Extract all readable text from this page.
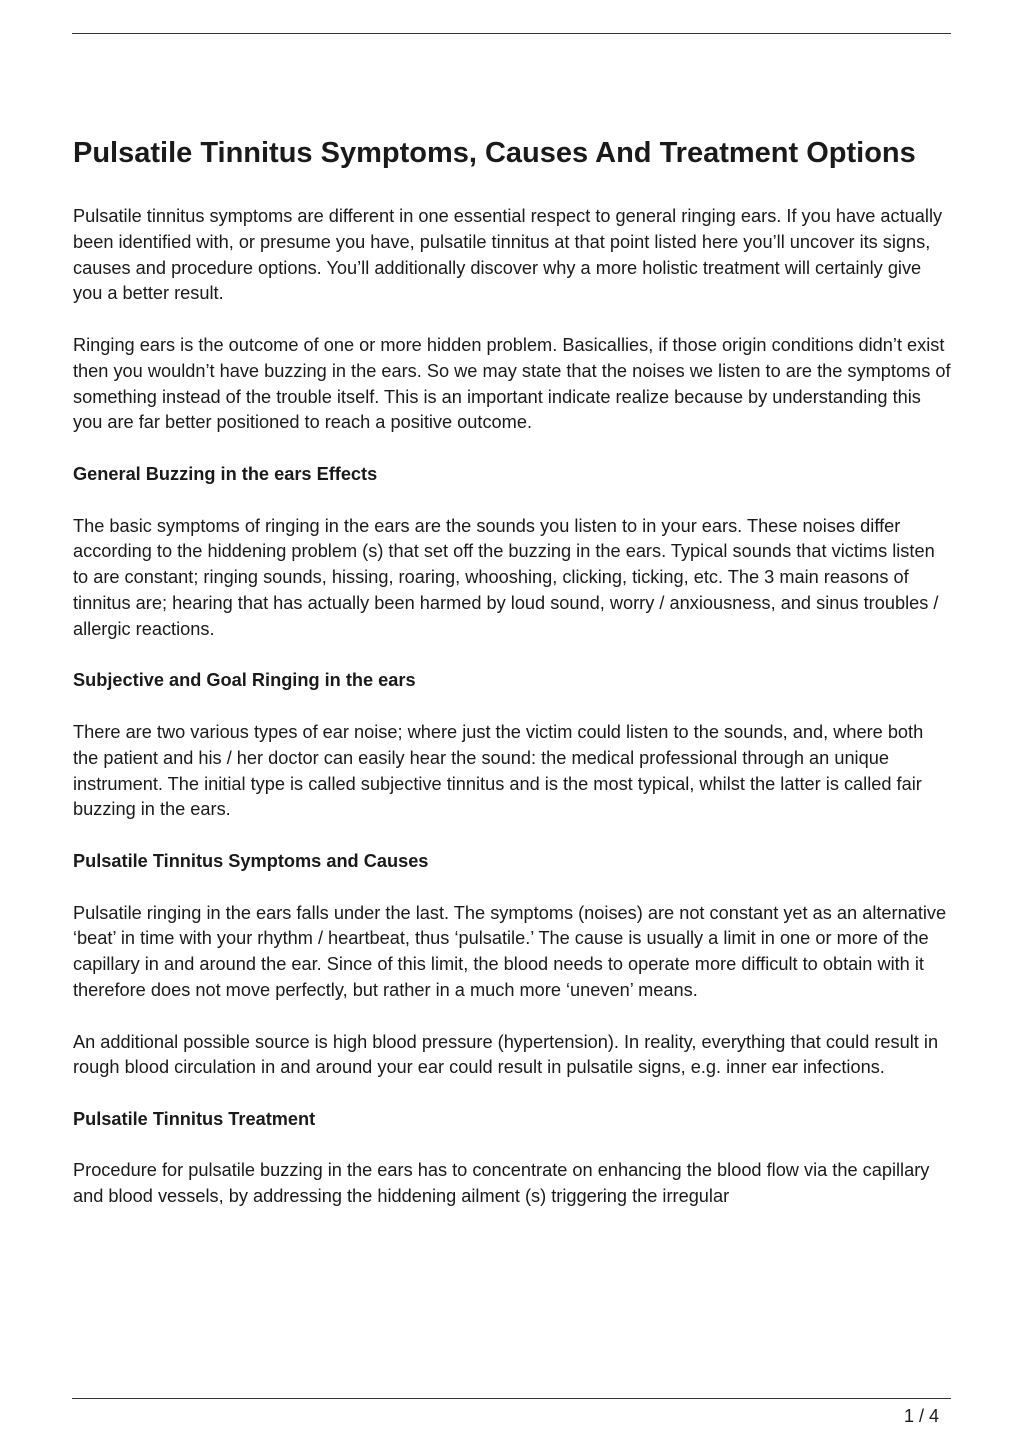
Pulsatile Tinnitus Symptoms, Causes And Treatment Options

Pulsatile tinnitus symptoms are different in one essential respect to general ringing ears. If you have actually been identified with, or presume you have, pulsatile tinnitus at that point listed here you’ll uncover its signs, causes and procedure options. You’ll additionally discover why a more holistic treatment will certainly give you a better result.

Ringing ears is the outcome of one or more hidden problem. Basicallies, if those origin conditions didn’t exist then you wouldn’t have buzzing in the ears. So we may state that the noises we listen to are the symptoms of something instead of the trouble itself. This is an important indicate realize because by understanding this you are far better positioned to reach a positive outcome.

General Buzzing in the ears Effects

The basic symptoms of ringing in the ears are the sounds you listen to in your ears. These noises differ according to the hiddening problem (s) that set off the buzzing in the ears. Typical sounds that victims listen to are constant; ringing sounds, hissing, roaring, whooshing, clicking, ticking, etc. The 3 main reasons of tinnitus are; hearing that has actually been harmed by loud sound, worry / anxiousness, and sinus troubles / allergic reactions.

Subjective and Goal Ringing in the ears

There are two various types of ear noise; where just the victim could listen to the sounds, and, where both the patient and his / her doctor can easily hear the sound: the medical professional through an unique instrument. The initial type is called subjective tinnitus and is the most typical, whilst the latter is called fair buzzing in the ears.

Pulsatile Tinnitus Symptoms and Causes

Pulsatile ringing in the ears falls under the last. The symptoms (noises) are not constant yet as an alternative ‘beat’ in time with your rhythm / heartbeat, thus ‘pulsatile.’ The cause is usually a limit in one or more of the capillary in and around the ear. Since of this limit, the blood needs to operate more difficult to obtain with it therefore does not move perfectly, but rather in a much more ‘uneven’ means.

An additional possible source is high blood pressure (hypertension). In reality, everything that could result in rough blood circulation in and around your ear could result in pulsatile signs, e.g. inner ear infections.

Pulsatile Tinnitus Treatment

Procedure for pulsatile buzzing in the ears has to concentrate on enhancing the blood flow via the capillary and blood vessels, by addressing the hiddening ailment (s) triggering the irregular

1 / 4
